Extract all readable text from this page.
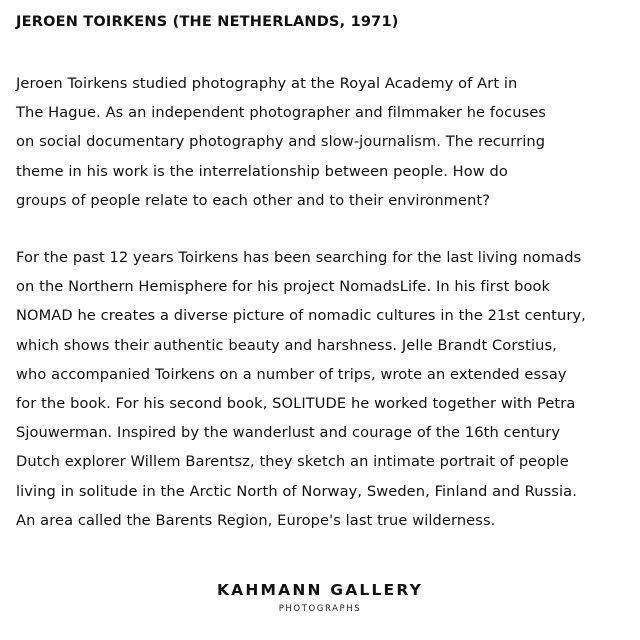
JEROEN TOIRKENS (THE NETHERLANDS, 1971)

Jeroen Toirkens studied photography at the Royal Academy of Art in
The Hague. As an independent photographer and filmmaker he focuses
on social documentary photography and slow-journalism. The recurring
theme in his work is the interrelationship between people. How do
groups of people relate to each other and to their environment?

For the past 12 years Toirkens has been searching for the last living nomads
on the Northern Hemisphere for his project NomadsLife. In his first book
NOMAD he creates a diverse picture of nomadic cultures in the 21st century,
which shows their authentic beauty and harshness. Jelle Brandt Corstius,
who accompanied Toirkens on a number of trips, wrote an extended essay
for the book. For his second book, SOLITUDE he worked together with Petra
Sjouwerman. Inspired by the wanderlust and courage of the 16th century
Dutch explorer Willem Barentsz, they sketch an intimate portrait of people
living in solitude in the Arctic North of Norway, Sweden, Finland and Russia.
An area called the Barents Region, Europe's last true wilderness.

KAHMANN GALLERY
PHOTOGRAPHS
